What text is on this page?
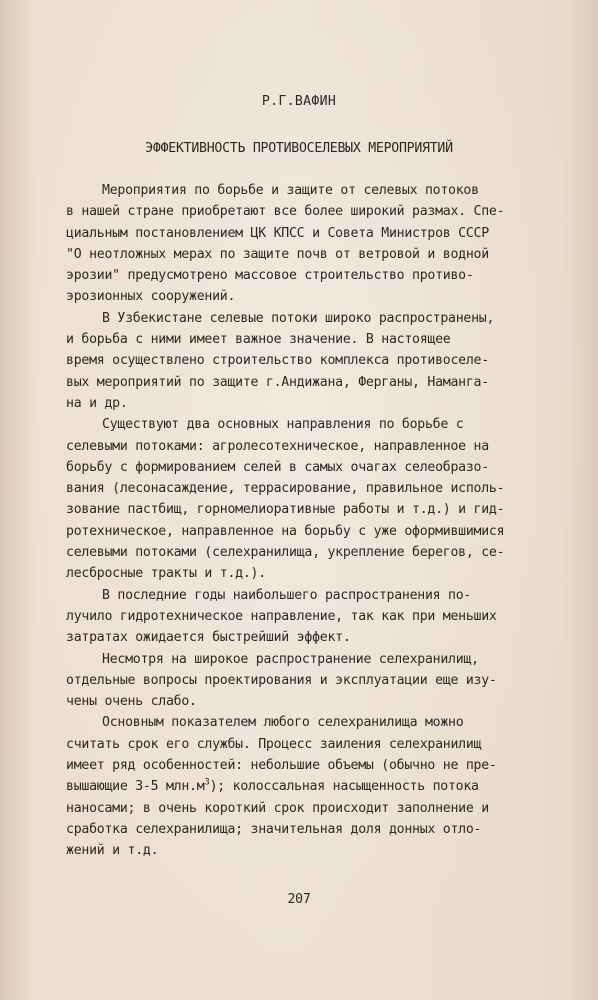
Р.Г.ВАФИН
ЭФФЕКТИВНОСТЬ ПРОТИВОСЕЛЕВЫХ МЕРОПРИЯТИЙ
Мероприятия по борьбе и защите от селевых потоков
в нашей стране приобретают все более широкий размах. Спе-
циальным постановлением ЦК КПСС и Совета Министров СССР
"О неотложных мерах по защите почв от ветровой и водной
эрозии" предусмотрено массовое строительство противо-
эрозионных сооружений.
В Узбекистане селевые потоки широко распространены,
и борьба с ними имеет важное значение. В настоящее
время осуществлено строительство комплекса противоселе-
вых мероприятий по защите г.Андижана, Ферганы, Наманга-
на и др.
Существуют два основных направления по борьбе с
селевыми потоками: агролесотехническое, направленное на
борьбу с формированием селей в самых очагах селеобразо-
вания (лесонасаждение, террасирование, правильное исполь-
зование пастбищ, горномелиоративные работы и т.д.) и гид-
ротехническое, направленное на борьбу с уже оформившимися
селевыми потоками (селехранилища, укрепление берегов, се-
лесбросные тракты и т.д.).
В последние годы наибольшего распространения по-
лучило гидротехническое направление, так как при меньших
затратах ожидается быстрейший эффект.
Несмотря на широкое распространение селехранилищ,
отдельные вопросы проектирования и эксплуатации еще изу-
чены очень слабо.
Основным показателем любого селехранилища можно
считать срок его службы. Процесс заиления селехранилищ
имеет ряд особенностей: небольшие объемы (обычно не пре-
вышающие 3-5 $млн.м^3$); колоссальная насыщенность потока
наносами; в очень короткий срок происходит заполнение и
сработка селехранилища; значительная доля донных отло-
жений и т.д.
207
